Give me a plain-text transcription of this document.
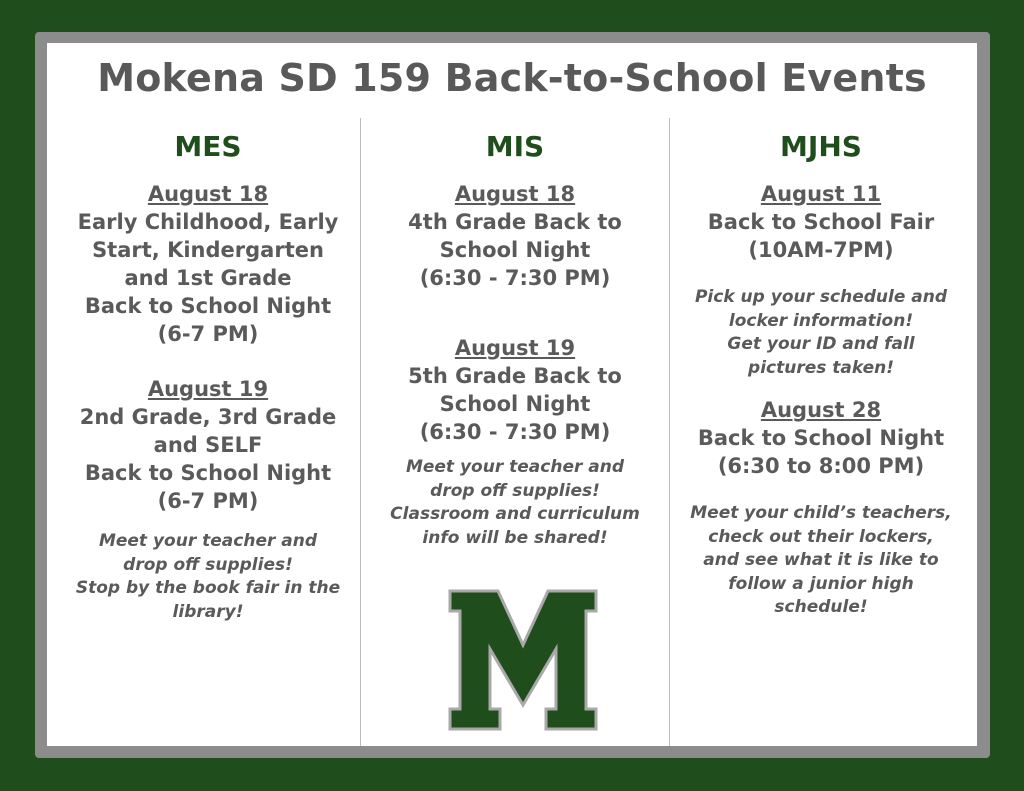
Mokena SD 159 Back-to-School Events
MES
August 18
Early Childhood, Early
Start, Kindergarten
and 1st Grade
Back to School Night
(6-7 PM)
August 19
2nd Grade, 3rd Grade
and SELF
Back to School Night
(6-7 PM)
Meet your teacher and
drop off supplies!
Stop by the book fair in the
library!
MIS
August 18
4th Grade Back to
School Night
(6:30 - 7:30 PM)
August 19
5th Grade Back to
School Night
(6:30 - 7:30 PM)
Meet your teacher and
drop off supplies!
Classroom and curriculum
info will be shared!
MJHS
August 11
Back to School Fair
(10AM-7PM)
Pick up your schedule and
locker information!
Get your ID and fall
pictures taken!
August 28
Back to School Night
(6:30 to 8:00 PM)
Meet your child’s teachers,
check out their lockers,
and see what it is like to
follow a junior high
schedule!
